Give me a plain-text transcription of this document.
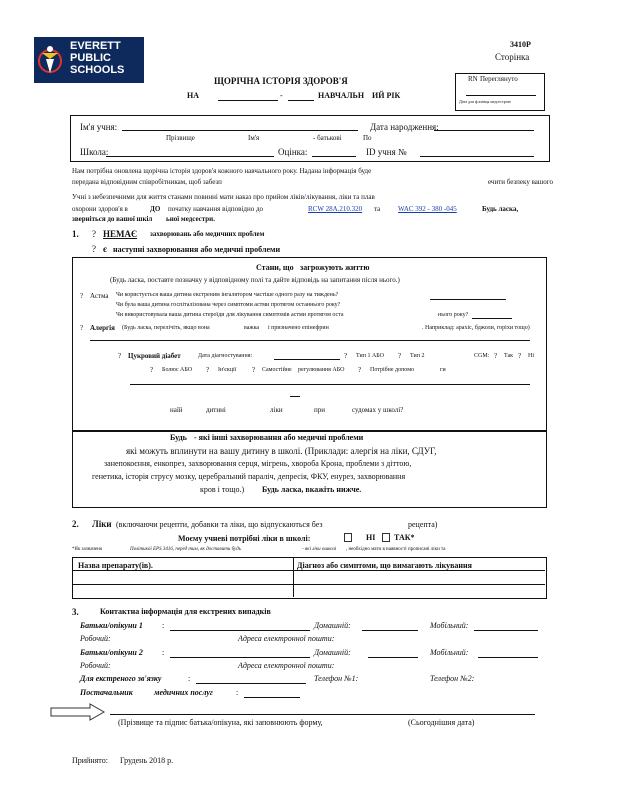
EVERETT
PUBLIC
SCHOOLS
3410P
Сторінка
ЩОРІЧНА ІСТОРІЯ ЗДОРОВ'Я
НА	-	НАВЧАЛЬН ИЙ РІК
RN Переглянуто
Дата для ф ахівця медсестрою
Ім'я учня:	Дата народження:
Прізвище	Ім'я	- батькові	По
Школа:	Оцінка:	ID учня №
Нам потрібна оновлена щорічна історія здоров'я кожного навчального року. Надана інформація буде
передана відповідним співробітникам, щоб забезп	ечити безпеку вашого
Учні з небезпечними для життя станами повинні мати наказ про прийом ліків/лікування, ліки та плав
охорони здоров'я в	ДО початку навчання відповідно до	RCW 28A.210.320 та	WAC 392 - 380 -045	Будь ласка,
зверніться до вашої шкіл ьної медсестри.
1. ? НЕМАЄ захворювань або медичних проблем
? є наступні захворювання або медичні проблеми
Стани, що загрожують життю
(Будь ласка, поставте позначку у відповідному полі та дайте відповідь на запитання після нього.)
? Астма Чи користується ваша дитина екстреним інгалятором частіше одного разу на тиждень?
Чи була ваша дитина госпіталізована через симптоми астми протягом останнього року?
Чи використовувала ваша дитина стероїди для лікування симптомів астми протягом оста	нього року?
? Алергія (Будь ласка, перелічіть, якщо вона	важка і призначено епінефрин	. Наприклад: арахіс, бджоли, горіхи тощо)
? Цукровий діабет	Дата діагностування:	? Тип 1 АБО ? Тип 2	CGM: ? Так ? Ні
? Болюс АБО ? Ін'єкції ? Самостійне регулювання АБО ? Потрібне допомо	ги
наїй	дитині	ліки	при	судомах у школі?
Будь - які інші захворювання або медичні проблеми
які можуть вплинути на вашу дитину в школі. (Приклади: алергія на ліки, СДУГ,
занепокоєння, енкопрез, захворювання серця, мігрень, хвороба Крона, проблеми з діттою,
генетика, історія струсу мозку, церебральний параліч, депресія, ФКУ, енурез, захворювання
кров і тощо.) Будь ласка, вкажіть нижче.
2. Ліки (включаючи рецепти, добавки та ліки, що відпускаються без	рецепта)
Моєму учневі потрібні ліки в школі:	НІ ТАК*
*Як зазначено	Політикої EPS 3416, перед тим, як доставити будь	- які ліки ошколі , необхідно мати в наявності прописані ліки та
Назва препарату(ів).	Діагноз або симптоми, що вимагають лікування
3.	Контактна інформація для екстрених випадків
Батьки/опікуни 1 :	Домашній:	Мобільний:
Робочий:	Адреса електронної пошти:
Батьки/опікуни 2 :	Домашній:	Мобільний:
Робочий:	Адреса електронної пошти:
Для екстреного зв'язку	:	Телефон №1:	Телефон №2:
Постачальник	медичних послуг	:
(Прізвище та підпис батька/опікуна, які заповнюють форму,	(Сьогоднішня дата)
Прийнято: Грудень 2018 р.
